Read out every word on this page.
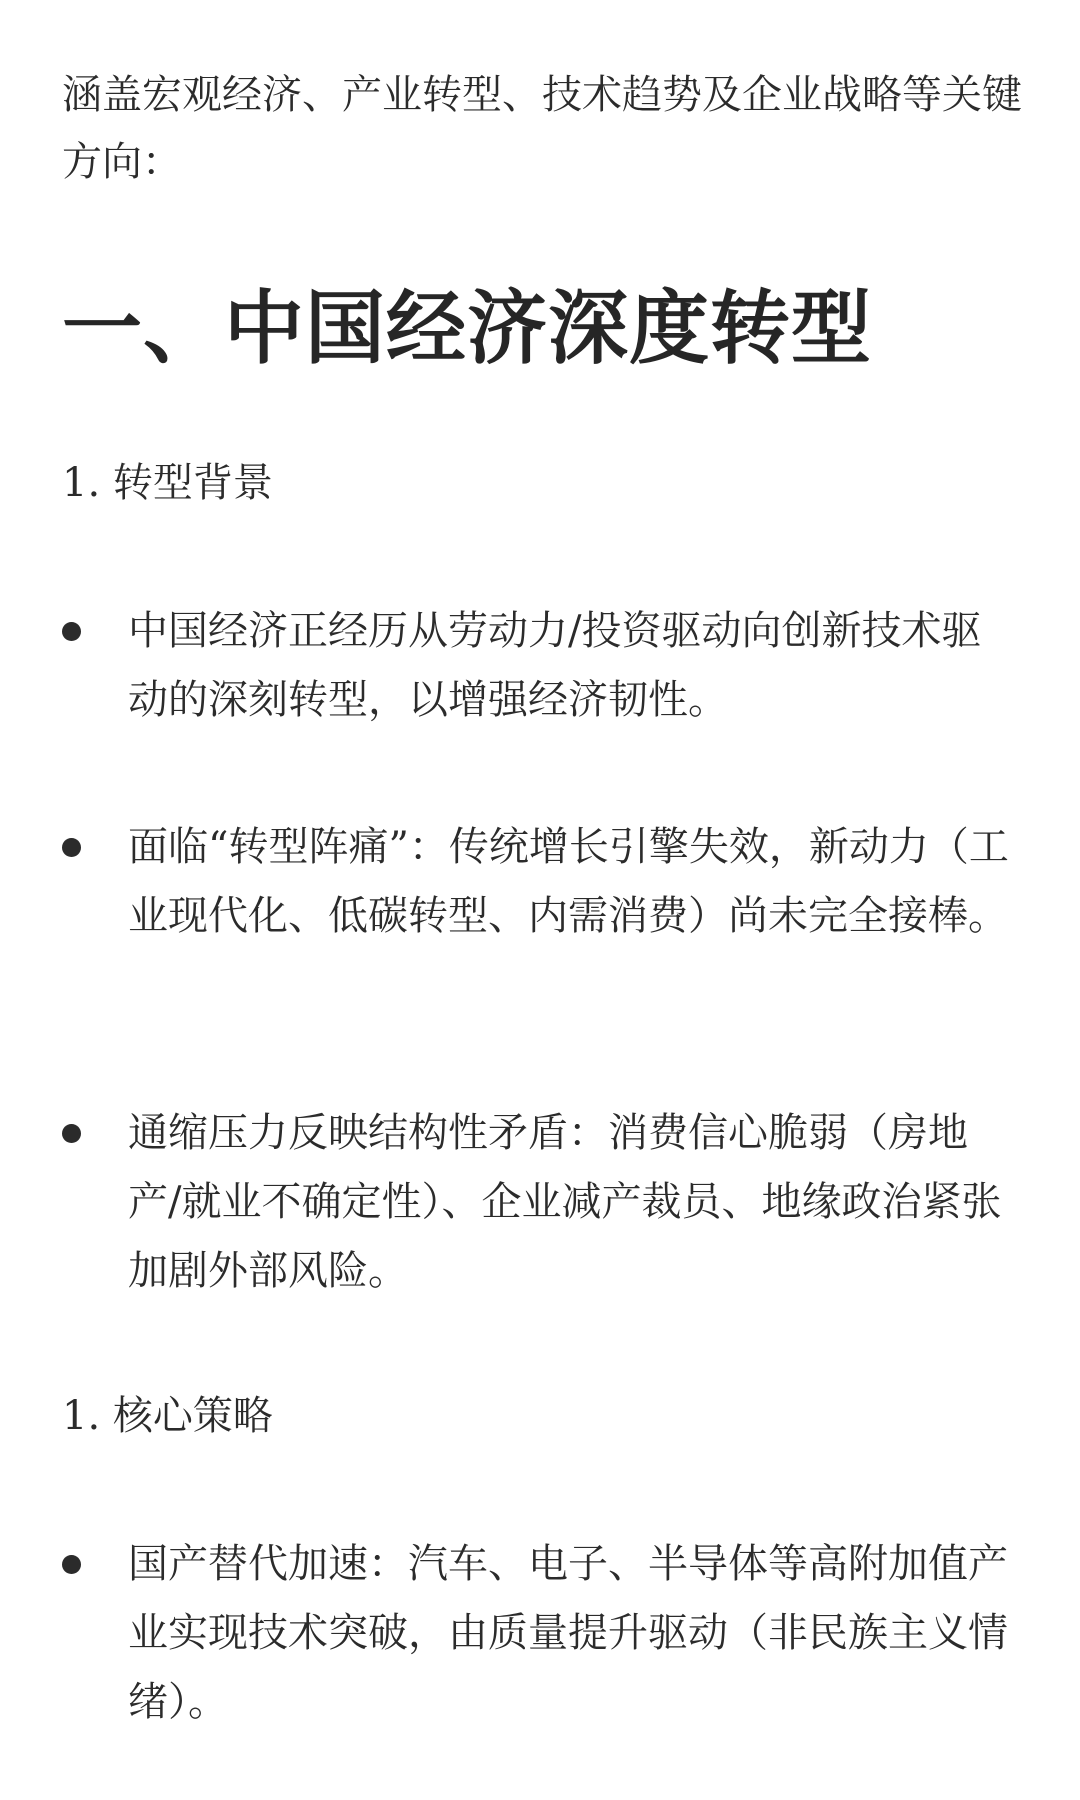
涵盖宏观经济、产业转型、技术趋势及企业战略等关键方向：

一、中国经济深度转型
1. 转型背景
中国经济正经历从劳动力/投资驱动向创新技术驱动的深刻转型，以增强经济韧性。
面临“转型阵痛”：传统增长引擎失效，新动力（工业现代化、低碳转型、内需消费）尚未完全接棒。
通缩压力反映结构性矛盾：消费信心脆弱（房地产/就业不确定性）、企业减产裁员、地缘政治紧张加剧外部风险。
1. 核心策略
国产替代加速：汽车、电子、半导体等高附加值产业实现技术突破，由质量提升驱动（非民族主义情绪）。
